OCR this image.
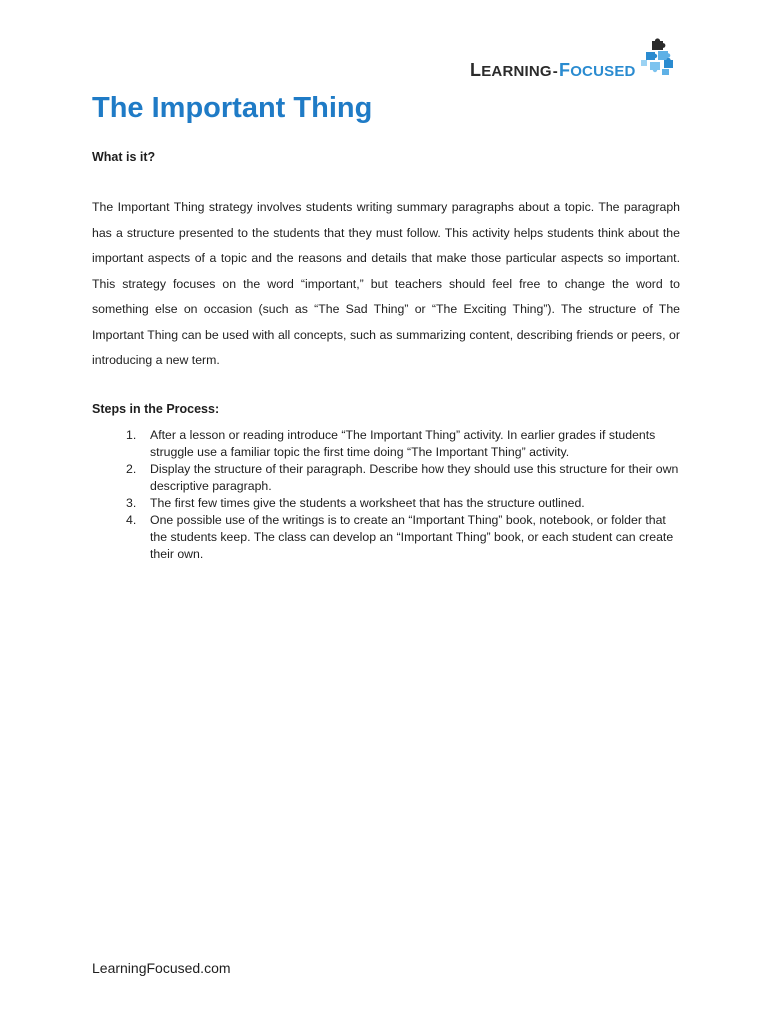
LEARNING-FOCUSED
The Important Thing
What is it?

The Important Thing strategy involves students writing summary paragraphs about a topic. The paragraph has a structure presented to the students that they must follow. This activity helps students think about the important aspects of a topic and the reasons and details that make those particular aspects so important. This strategy focuses on the word “important,” but teachers should feel free to change the word to something else on occasion (such as “The Sad Thing” or “The Exciting Thing”). The structure of The Important Thing can be used with all concepts, such as summarizing content, describing friends or peers, or introducing a new term.

Steps in the Process:
1. After a lesson or reading introduce “The Important Thing” activity. In earlier grades if students struggle use a familiar topic the first time doing “The Important Thing” activity.
2. Display the structure of their paragraph. Describe how they should use this structure for their own descriptive paragraph.
3. The first few times give the students a worksheet that has the structure outlined.
4. One possible use of the writings is to create an “Important Thing” book, notebook, or folder that the students keep. The class can develop an “Important Thing” book, or each student can create their own.
LearningFocused.com
